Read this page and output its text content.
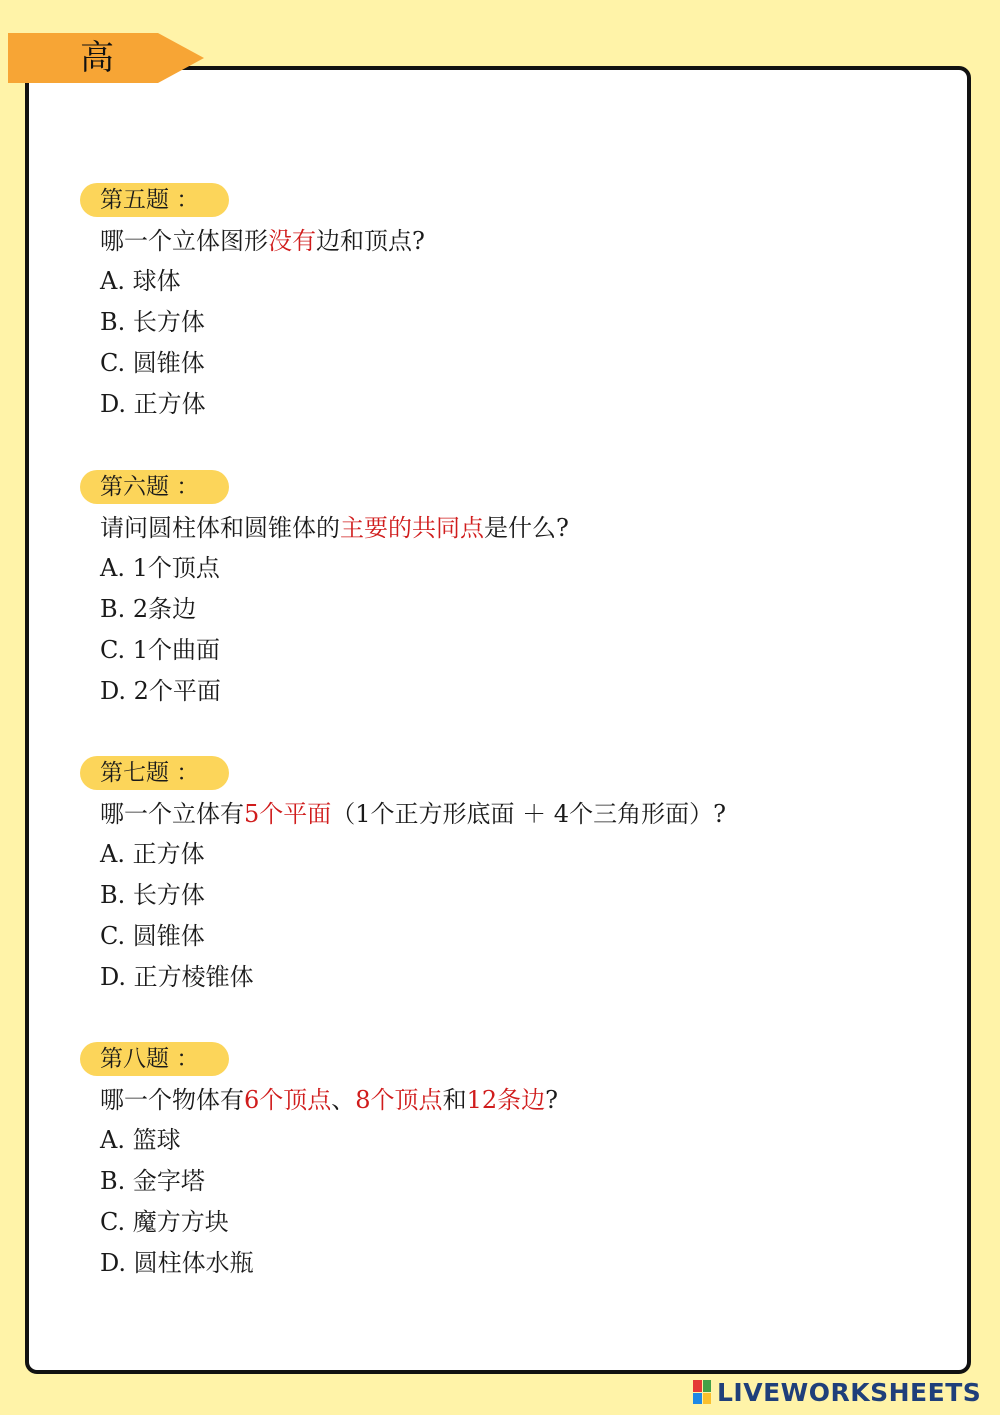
高
第五题 ：
哪一个立体图形没有边和顶点?
A. 球体
B. 长方体
C. 圆锥体
D. 正方体
第六题 ：
请问圆柱体和圆锥体的主要的共同点是什么?
A. 1个顶点
B. 2条边
C. 1个曲面
D. 2个平面
第七题 ：
哪一个立体有5个平面（1个正方形底面 ＋ 4个三角形面）?
A. 正方体
B. 长方体
C. 圆锥体
D. 正方棱锥体
第八题 ：
哪一个物体有6个顶点、8个顶点和12条边?
A. 篮球
B. 金字塔
C. 魔方方块
D. 圆柱体水瓶
LIVEWORKSHEETS
